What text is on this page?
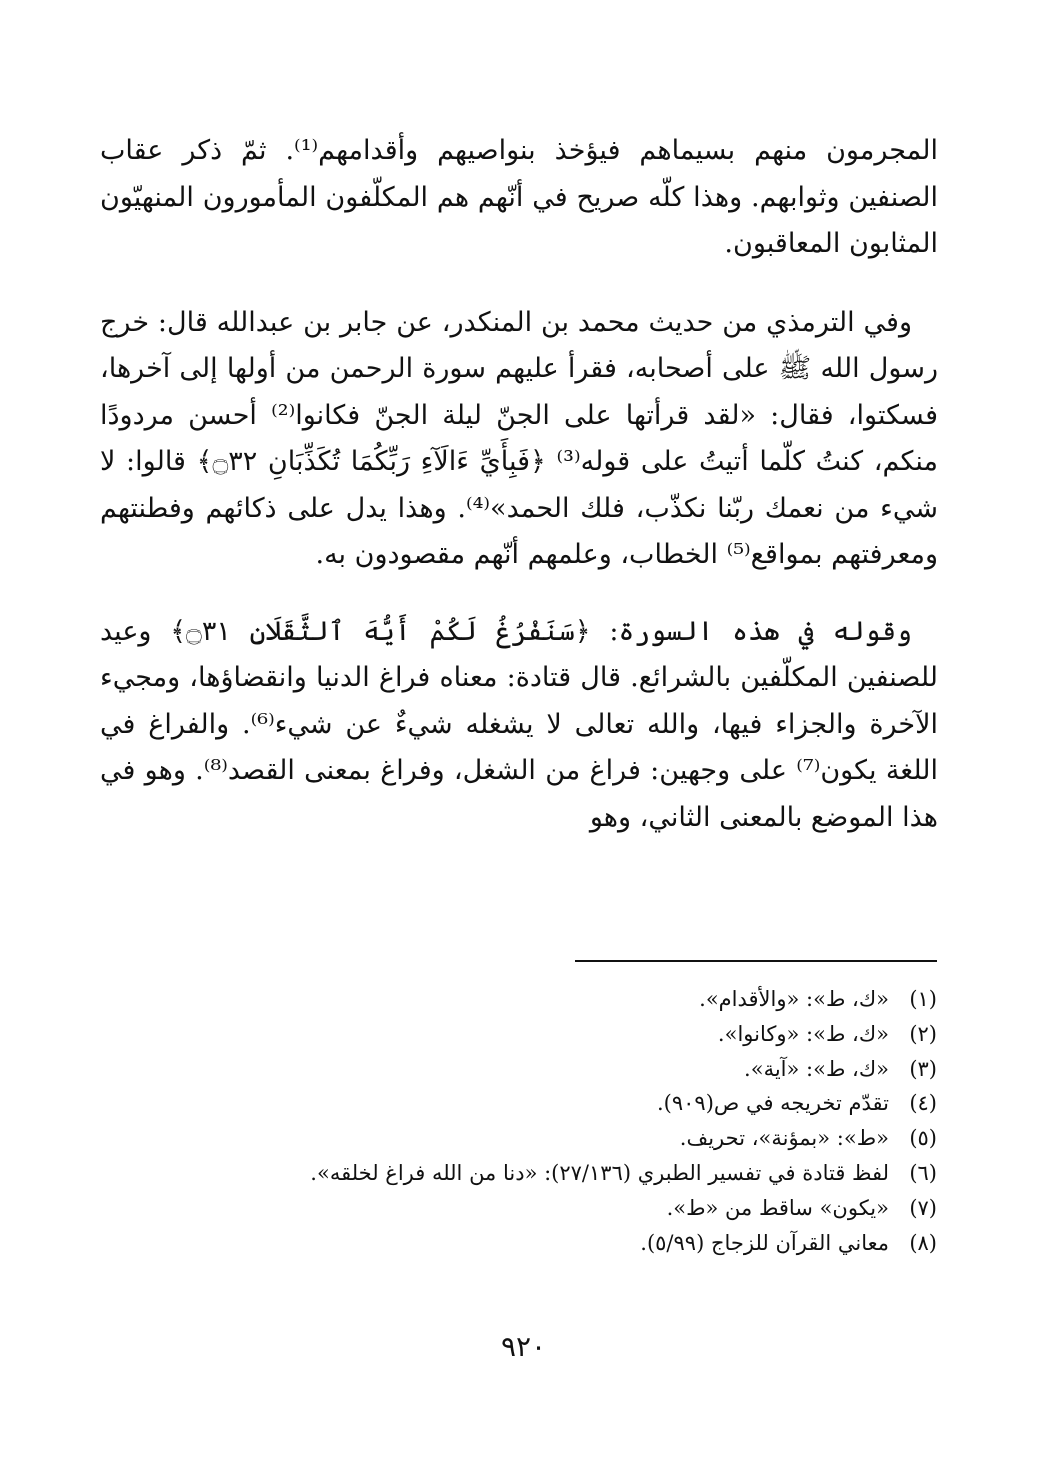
المجرمون منهم بسيماهم فيؤخذ بنواصيهم وأقدامهم⁽¹⁾. ثمّ ذكر عقاب الصنفين وثوابهم. وهذا كلّه صريح في أنّهم هم المكلّفون المأمورون المنهيّون المثابون المعاقبون.

وفي الترمذي من حديث محمد بن المنكدر، عن جابر بن عبدالله قال: خرج رسول الله ﷺ على أصحابه، فقرأ عليهم سورة الرحمن من أولها إلى آخرها، فسكتوا، فقال: «لقد قرأتها على الجنّ ليلة الجنّ فكانوا⁽²⁾ أحسن مردودًا منكم، كنتُ كلّما أتيتُ على قوله⁽³⁾ ﴿فَبِأَيِّ ءَالَآءِ رَبِّكُمَا تُكَذِّبَانِ ۝٣٢﴾ قالوا: لا شيء من نعمك ربّنا نكذّب، فلك الحمد»⁽⁴⁾. وهذا يدل على ذكائهم وفطنتهم ومعرفتهم بمواقع⁽⁵⁾ الخطاب، وعلمهم أنّهم مقصودون به.

وقوله في هذه السورة: ﴿سَنَفْرُغُ لَكُمْ أَيُّهَ ٱلثَّقَلَانِ ۝٣١﴾ وعيد للصنفين المكلّفين بالشرائع. قال قتادة: معناه فراغ الدنيا وانقضاؤها، ومجيء الآخرة والجزاء فيها، والله تعالى لا يشغله شيءٌ عن شيء⁽⁶⁾. والفراغ في اللغة يكون⁽⁷⁾ على وجهين: فراغ من الشغل، وفراغ بمعنى القصد⁽⁸⁾. وهو في هذا الموضع بالمعنى الثاني، وهو

(١)«ك، ط»: «والأقدام».
(٢)«ك، ط»: «وكانوا».
(٣)«ك، ط»: «آية».
(٤)تقدّم تخريجه في ص(٩٠٩).
(٥)«ط»: «بمؤنة»، تحريف.
(٦)لفظ قتادة في تفسير الطبري (٢٧/١٣٦): «دنا من الله فراغ لخلقه».
(٧)«يكون» ساقط من «ط».
(٨)معاني القرآن للزجاج (٥/٩٩).
٩٢٠
